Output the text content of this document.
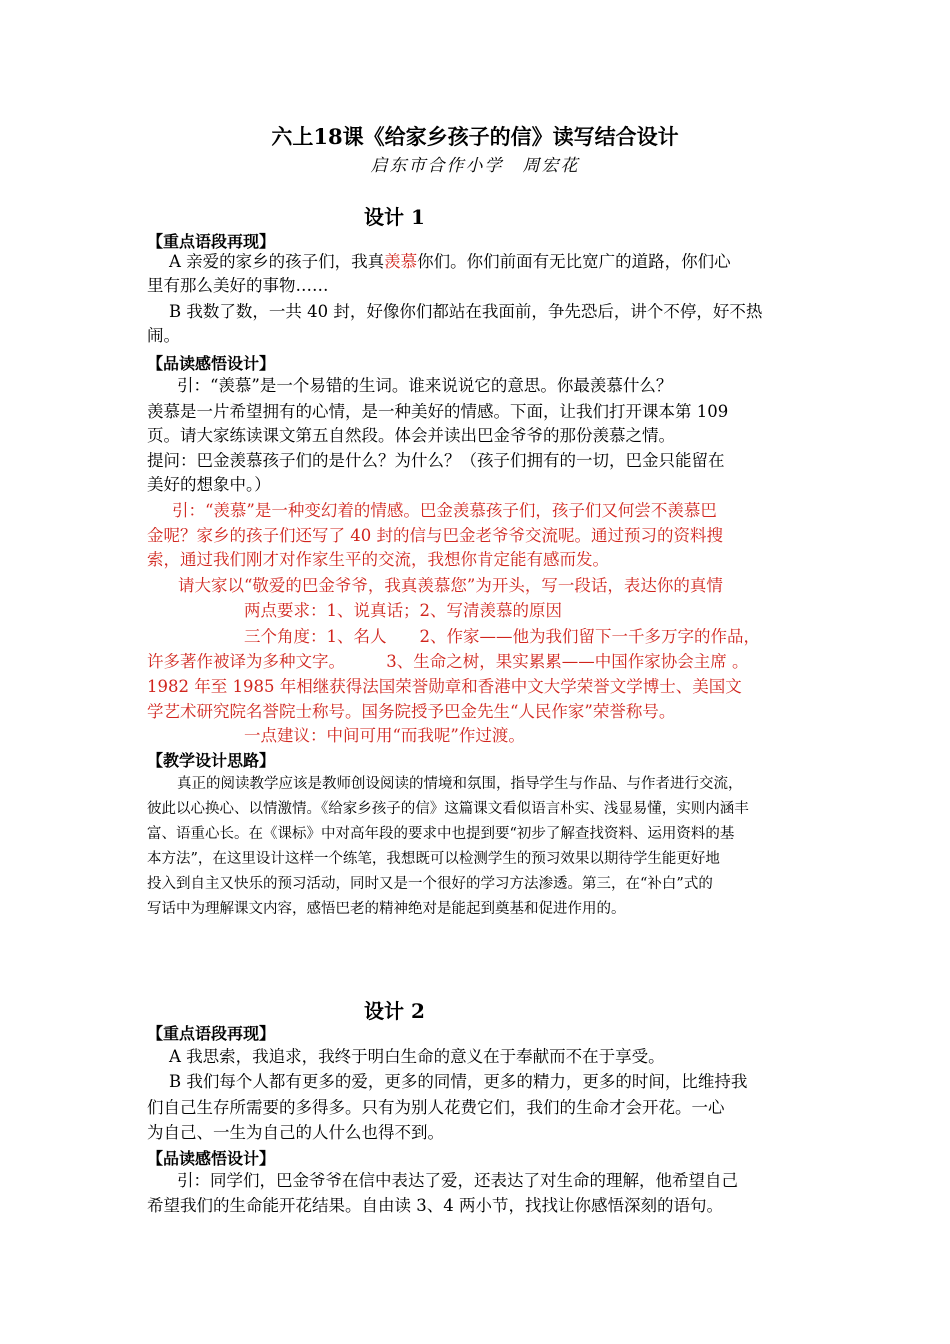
六上18课《给家乡孩子的信》读写结合设计
启东市合作小学　周宏花
设计 1
【重点语段再现】
A 亲爱的家乡的孩子们，我真羡慕你们。你们前面有无比宽广的道路，你们心
里有那么美好的事物……
B 我数了数，一共 40 封，好像你们都站在我面前，争先恐后，讲个不停，好不热
闹。
【品读感悟设计】
引：“羡慕”是一个易错的生词。谁来说说它的意思。你最羡慕什么？
羡慕是一片希望拥有的心情，是一种美好的情感。下面，让我们打开课本第 109
页。请大家练读课文第五自然段。体会并读出巴金爷爷的那份羡慕之情。
提问：巴金羡慕孩子们的是什么？为什么？（孩子们拥有的一切，巴金只能留在
美好的想象中。）
引：“羡慕”是一种变幻着的情感。巴金羡慕孩子们，孩子们又何尝不羡慕巴
金呢？家乡的孩子们还写了 40 封的信与巴金老爷爷交流呢。通过预习的资料搜
索，通过我们刚才对作家生平的交流，我想你肯定能有感而发。
请大家以“敬爱的巴金爷爷，我真羡慕您”为开头，写一段话，表达你的真情
两点要求：1、说真话；2、写清羡慕的原因
三个角度：1、名人　　2、作家——他为我们留下一千多万字的作品，
许多著作被译为多种文字。　　　3、生命之树，果实累累——中国作家协会主席 。
1982 年至 1985 年相继获得法国荣誉勋章和香港中文大学荣誉文学博士、美国文
学艺术研究院名誉院士称号。国务院授予巴金先生“人民作家”荣誉称号。
一点建议：中间可用“而我呢”作过渡。
【教学设计思路】
真正的阅读教学应该是教师创设阅读的情境和氛围，指导学生与作品、与作者进行交流，
彼此以心换心、以情激情。《给家乡孩子的信》这篇课文看似语言朴实、浅显易懂，实则内涵丰
富、语重心长。在《课标》中对高年段的要求中也提到要“初步了解查找资料、运用资料的基
本方法”，在这里设计这样一个练笔，我想既可以检测学生的预习效果以期待学生能更好地
投入到自主又快乐的预习活动，同时又是一个很好的学习方法渗透。第三，在“补白”式的
写话中为理解课文内容，感悟巴老的精神绝对是能起到奠基和促进作用的。
设计 2
【重点语段再现】
A 我思索，我追求，我终于明白生命的意义在于奉献而不在于享受。
B 我们每个人都有更多的爱，更多的同情，更多的精力，更多的时间，比维持我
们自己生存所需要的多得多。只有为别人花费它们，我们的生命才会开花。一心
为自己、一生为自己的人什么也得不到。
【品读感悟设计】
引：同学们，巴金爷爷在信中表达了爱，还表达了对生命的理解，他希望自己
希望我们的生命能开花结果。自由读 3、4 两小节，找找让你感悟深刻的语句。
